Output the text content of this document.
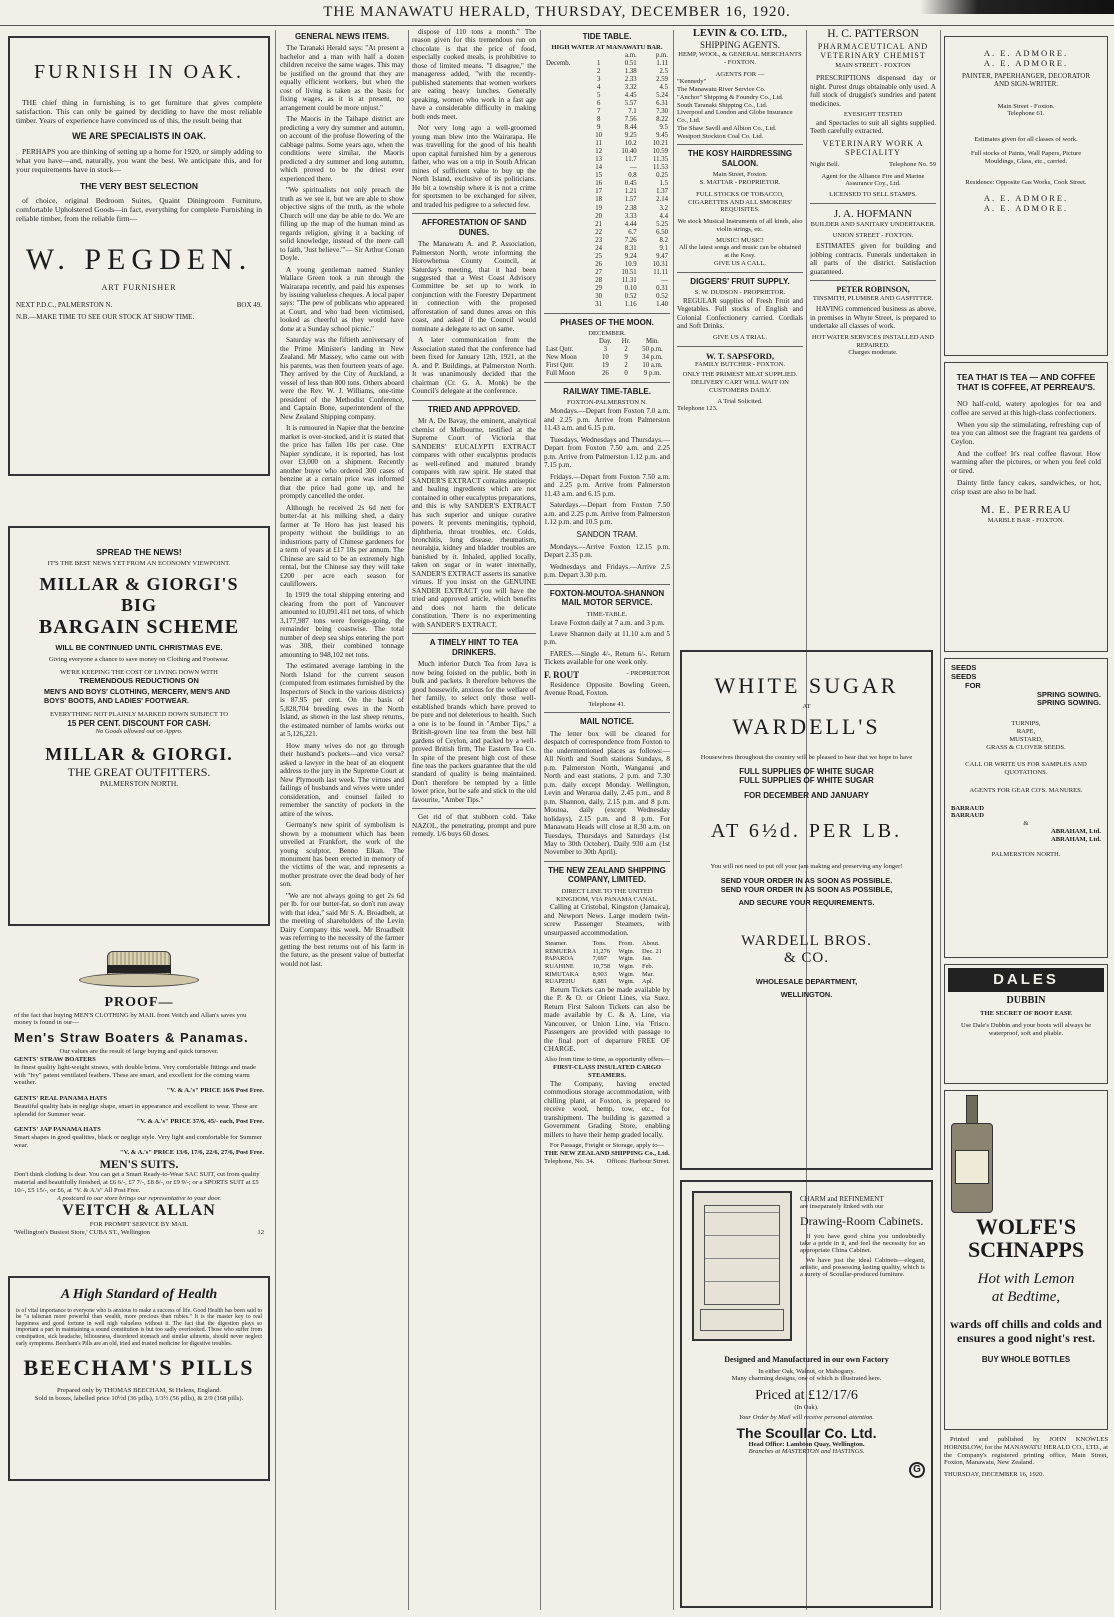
THE MANAWATU HERALD, THURSDAY, DECEMBER 16, 1920.
FURNISH IN OAK.

THE chief thing in furnishing is to get furniture that gives complete satisfaction. This can only be gained by deciding to have the most reliable timber. Years of experience have convinced us of this, the result being that

WE ARE SPECIALISTS IN OAK.

PERHAPS you are thinking of setting up a home for 1920, or simply adding to what you have—and, naturally, you want the best. We anticipate this, and for your requirements have in stock—

THE VERY BEST SELECTION

of choice, original Bedroom Suites, Quaint Diningroom Furniture, comfortable Upholstered Goods—in fact, everything for complete Furnishing in reliable timber, from the reliable firm—

W. PEGDEN.
ART FURNISHER
NEXT P.D.C., PALMERSTON N.	BOX 49.
N.B.—MAKE TIME TO SEE OUR STOCK AT SHOW TIME.
SPREAD THE NEWS!
IT'S THE BEST NEWS YET FROM AN ECONOMY VIEWPOINT.
MILLAR & GIORGI'S
BIG
BARGAIN SCHEME
WILL BE CONTINUED UNTIL CHRISTMAS EVE.
Giving everyone a chance to save money on Clothing and Footwear.
WE'RE KEEPING THE COST OF LIVING DOWN WITH
TREMENDOUS REDUCTIONS ON
MEN'S AND BOYS' CLOTHING, MERCERY, MEN'S AND BOYS' BOOTS, AND LADIES' FOOTWEAR.
EVERYTHING NOT PLAINLY MARKED DOWN SUBJECT TO
15 PER CENT. DISCOUNT FOR CASH.
No Goods allowed out on Appro.
MILLAR & GIORGI.
THE GREAT OUTFITTERS.
PALMERSTON NORTH.
PROOF—
of the fact that buying MEN'S CLOTHING by MAIL from Veitch and Allan's saves you money is found in our—
Men's Straw Boaters & Panamas.
Our values are the result of large buying and quick turnover.
GENTS' STRAW BOATERS
In finest quality light-weight straws, with double brims. Very comfortable fittings and made with "Ivy" patent ventilated feathers. These are smart, and excellent for the coming warm weather.
"V. & A.'s" PRICE 16/6 Post Free.
GENTS' REAL PANAMA HATS
Beautiful quality hats in neglige shape, smart in appearance and excellent to wear. These are splendid for Summer wear.
"V. & A.'s" PRICE 37/6, 45/- each, Post Free.
GENTS' JAP PANAMA HATS
Smart shapes in good qualities, black or neglige style. Very light and comfortable for Summer wear.
"V. & A.'s" PRICE 13/6, 17/6, 22/6, 27/6, Post Free.
MEN'S SUITS.
Don't think clothing is dear. You can get a Smart Ready-to-Wear SAC SUIT, cut from quality material and beautifully finished, at £6 6/-, £7 7/-, £8 8/-, or £9 9/-; or a SPORTS SUIT at £5 10/-, £5 15/-, or £6, at "V. & A.'s" All Post Free.
A postcard to our store brings our representative to your door.
VEITCH & ALLAN
FOR PROMPT SERVICE BY MAIL
'Wellington's Busiest Store,' CUBA ST., Wellington	12
A High Standard of Health
is of vital importance to everyone who is anxious to make a success of life. Good Health has been said to be "a talisman more powerful than wealth, more precious than rubies." It is the master key to real happiness and good fortune in well nigh valueless without it. The fact that the digestion plays so important a part in maintaining a sound constitution is but too sadly overlooked. Those who suffer from constipation, sick headache, biliousness, disordered stomach and similar ailments, should never neglect early symptoms. Beecham's Pills are an old, tried and trusted medicine for digestive troubles.
BEECHAM'S PILLS
Prepared only by THOMAS BEECHAM, St Helens, England.
Sold in boxes, labelled price 10½d (36 pills), 1/3½ (56 pills), & 2/9 (168 pills).
GENERAL NEWS ITEMS.

The Taranaki Herald says: "At present a bachelor and a man with half a dozen children receive the same wages. This may be justified on the ground that they are equally efficient workers, but when the cost of living is taken as the basis for fixing wages, as it is at present, no arrangement could be more unjust."

The Maoris in the Taihape district are predicting a very dry summer and autumn, on account of the profuse flowering of the cabbage palms. Some years ago, when the conditions were similar, the Maoris predicted a dry summer and long autumn, which proved to be the driest ever experienced there.

"We spiritualists not only preach the truth as we see it, but we are able to show objective signs of the truth, as the whole Church will one day be able to do. We are filling up the map of the human mind as regards religion, giving it a backing of solid knowledge, instead of the mere call to faith, 'Just believe.'"— Sir Arthur Conan Doyle.

A young gentleman named Stanley Wallace Green took a run through the Wairarapa recently, and paid his expenses by issuing valueless cheques. A local paper says: "The pew of publicans who appeared at Court, and who had been victimised, looked as cheerful as they would have done at a Sunday school picnic."

Saturday was the fiftieth anniversary of the Prime Minister's landing in New Zealand. Mr Massey, who came out with his parents, was then fourteen years of age. They arrived by the City of Auckland, a vessel of less than 800 tons. Others aboard were the Rev. W. J. Williams, one-time president of the Methodist Conference, and Captain Bone, superintendent of the New Zealand Shipping company.

It is rumoured in Napier that the benzine market is over-stocked, and it is stated that the price has fallen 10s per case. One Napier syndicate, it is reported, has lost over £3,000 on a shipment. Recently another buyer who ordered 300 cases of benzine at a certain price was informed that the price had gone up, and he promptly cancelled the order.

Although he received 2s 6d nett for butter-fat at his milking shed, a dairy farmer at Te Horo has just leased his property without the buildings to an industrious party of Chinese gardeners for a term of years at £17 10s per annum. The Chinese are said to be an extremely high rental, but the Chinese say they will take £200 per acre each season for cauliflowers.

In 1919 the total shipping entering and clearing from the port of Vancouver amounted to 10,091,411 net tons, of which 3,177,987 tons were foreign-going, the remainder being coastwise. The total number of deep sea ships entering the port was 308, their combined tonnage amounting to 948,102 net tons.

The estimated average lambing in the North Island for the current season (computed from estimates furnished by the Inspectors of Stock in the various districts) is 87.95 per cent. On the basis of 5,828,704 breeding ewes in the North Island, as shown in the last sheep returns, the estimated number of lambs works out at 5,126,221.

How many wives do not go through their husband's pockets—and vice versa? asked a lawyer in the heat of an eloquent address to the jury in the Supreme Court at New Plymouth last week. The virtues and failings of husbands and wives were under consideration, and counsel failed to remember the sanctity of pockets in the attire of the wives.

Germany's new spirit of symbolism is shown by a monument which has been unveiled at Frankfort, the work of the young sculptor, Benno Elkan. The monument has been erected in memory of the victims of the war, and represents a mother prostrate over the dead body of her son.

"We are not always going to get 2s 6d per lb. for our butter-fat, so don't run away with that idea," said Mr S. A. Broadbelt, at the meeting of shareholders of the Levin Dairy Company this week. Mr Broadbelt was referring to the necessity of the farmer getting the best returns out of his farm in the future, as the present value of butterfat would not last.

dispose of 110 tons a month." The reason given for this tremendous run on chocolate is that the price of food, especially cooked meals, is prohibitive to those of limited means. "I disagree," the manageress added, "with the recently-published statements that women workers are eating heavy lunches. Generally speaking, women who work in a fast age have a considerable difficulty in making both ends meet.

Not very long ago a well-groomed young man blew into the Wairarapa. He was travelling for the good of his health upon capital furnished him by a generous father, who was on a trip in South African mines of sufficient value to buy up the North Island, exclusive of its politicians. He bit a township where it is not a crime for sportsmen to be exchanged for silver, and traded his pedigree to a selected few.

AFFORESTATION OF SAND DUNES.

The Manawatu A. and P. Association, Palmerston North, wrote informing the Horowhenua County Council, at Saturday's meeting, that it had been suggested that a West Coast Advisory Committee be set up to work in conjunction with the Forestry Department in connection with the proposed afforestation of sand dunes areas on this coast, and asked if the Council would nominate a delegate to act on same.

A later communication from the Association stated that the conference had been fixed for January 12th, 1921, at the A. and P. Buildings, at Palmerston North. It was unanimously decided that the chairman (Cr. G. A. Monk) be the Council's delegate at the conference.

TRIED AND APPROVED.

Mr A. De Bavay, the eminent, analytical chemist of Melbourne, testified at the Supreme Court of Victoria that SANDERS' EUCALYPTI EXTRACT compares with other eucalyptus products as well-refined and matured brandy compares with raw spirit. He stated that SANDER'S EXTRACT contains antiseptic and healing ingredients which are not contained in other eucalyptus preparations, and this is why SANDER'S EXTRACT has such superior and unique curative powers. It prevents meningitis, typhoid, diphtheria, throat troubles, etc. Colds, bronchitis, lung disease, rheumatism, neuralgia, kidney and bladder troubles are banished by it. Inhaled, applied locally, taken on sugar or in water internally, SANDER'S EXTRACT asserts its sanative virtues. If you insist on the GENUINE SANDER EXTRACT you will have the tried and approved article, which benefits and does not harm the delicate constitution. There is no experimenting with SANDER'S EXTRACT.

A TIMELY HINT TO TEA DRINKERS.

Much inferior Dutch Tea from Java is now being foisted on the public, both in bulk and packets. It therefore behoves the good housewife, anxious for the welfare of her family, to select only those well-established brands which have proved to be pure and not deleterious to health. Such a one is to be found in "Amber Tips," a British-grown line tea from the best hill gardens of Ceylon, and packed by a well-proved British firm, The Eastern Tea Co. In spite of the present high cost of these fine teas the packers guarantee that the old standard of quality is being maintained. Don't therefore be tempted by a little lower price, but be safe and stick to the old favourite, "Amber Tips."

Get rid of that stubborn cold. Take NAZOL, the penetrating, prompt and pure remedy. 1/6 buys 60 doses.

TIDE TABLE.
HIGH WATER AT MANAWATU BAR.
		a.m.	p.m.
Decemb.	1	0.51	1.11
	2	1.38	2.5
	3	2.33	2.59
	4	3.32	4.5
	5	4.45	5.24
	6	5.57	6.31
	7	7.1	7.30
	8	7.56	8.22
	9	8.44	9.5
	10	9.25	9.45
	11	10.2	10.21
	12	10.40	10.59
	13	11.7	11.35
	14	—	11.53
	15	0.8	0.25
	16	0.45	1.5
	17	1.21	1.37
	18	1.57	2.14
	19	2.38	3.2
	20	3.33	4.4
	21	4.44	5.25
	22	6.7	6.50
	23	7.26	8.2
	24	8.31	9.1
	25	9.24	9.47
	26	10.9	10.31
	27	10.51	11.11
	28	11.31	—
	29	0.10	0.31
	30	0.52	0.52
	31	1.16	1.40
PHASES OF THE MOON.
DECEMBER.
	Day.	Hr.	Min.
Last Qutr.	3	2	50 p.m.
New Moon	10	9	34 p.m.
First Qutr.	19	2	10 a.m.
Full Moon	26	0	9 p.m.
RAILWAY TIME-TABLE.
FOXTON-PALMERSTON N.

Mondays.—Depart from Foxton 7.0 a.m. and 2.25 p.m. Arrive from Palmerston 11.43 a.m. and 6.15 p.m.

Tuesdays, Wednesdays and Thursdays.—Depart from Foxton 7.50 a.m. and 2.25 p.m. Arrive from Palmerston 1.12 p.m. and 7.15 p.m.

Fridays.—Depart from Foxton 7.50 a.m. and 2.25 p.m. Arrive from Palmerston 11.43 a.m. and 6.15 p.m.

Saturdays.—Depart from Foxton 7.50 a.m. and 2.25 p.m. Arrive from Palmerston 1.12 p.m. and 10.5 p.m.

SANDON TRAM.

Mondays.—Arrive Foxton 12.15 p.m. Depart 2.35 p.m.

Wednesdays and Fridays.—Arrive 2.5 p.m. Depart 3.30 p.m.

FOXTON-MOUTOA-SHANNON MAIL MOTOR SERVICE.
TIME-TABLE.

Leave Foxton daily at 7 a.m. and 3 p.m.

Leave Shannon daily at 11.10 a.m and 5 p.m.

FARES.—Single 4/-, Return 6/-. Return Tickets available for one week only.

F. ROUT	- PROPRIETOR

Residence Opposite Bowling Green, Avenue Road, Foxton.

Telephone 41.
MAIL NOTICE.

The letter box will be cleared for despatch of correspondence from Foxton to the undermentioned places as follows:— All North and South stations Sundays, 8 p.m. Palmerston North, Wanganui and North and east stations, 2 p.m. and 7.30 p.m. daily except Monday. Wellington, Levin and Weraroa daily, 2.45 p.m., and 8 p.m. Shannon, daily, 2.15 p.m. and 8 p.m. Moutoa, daily (except Wednesday holidays), 2.15 p.m. and 8 p.m. For Manawatu Heads will close at 8.30 a.m. on Tuesdays, Thursdays and Saturdays (1st May to 30th October). Daily 930 a.m (1st November to 30th April).

THE NEW ZEALAND SHIPPING COMPANY, LIMITED.
DIRECT LINE TO THE UNITED KINGDOM, VIA PANAMA CANAL.

Calling at Cristobal, Kingston (Jamaica), and Newport News. Large modern twin-screw Passenger Steamers, with unsurpassed accommodation.

Steamer.	Tons.	From.	About.
REMUERA	11,276	Wgtn.	Dec. 21
PAPAROA	7,697	Wgtn.	Jan.
RUAHINE	10,758	Wgtn.	Feb.
RIMUTAKA	8,903	Wgtn.	Mar.
RUAPEHU	8,881	Wgtn.	Apl.

Return Tickets can be made available by the P. & O. or Orient Lines, via Suez. Return First Saloon Tickets can also be made available by C. & A. Line, via Vancouver, or Union Line, via 'Frisco. Passengers are provided with passage to the final port of departure FREE OF CHARGE.

Also from time to time, as opportunity offers—
FIRST-CLASS INSULATED CARGO STEAMERS.

The Company, having erected commodious storage accommodation, with chilling plant, at Foxton, is prepared to receive wool, hemp, tow, etc., for transhipment. The building is gazetted a Government Grading Store, enabling millers to have their hemp graded locally.

For Passage, Freight or Storage, apply to—
THE NEW ZEALAND SHIPPING Co., Ltd.
Telephone, No. 34. Offices: Harbour Street.
LEVIN & CO. LTD.,
SHIPPING AGENTS.
HEMP, WOOL, & GENERAL MERCHANTS - FOXTON.
AGENTS FOR —
"Kennedy"
The Manawatu River Service Co.
"Anchor" Shipping & Foundry Co., Ltd.
South Taranaki Shipping Co., Ltd.
Liverpool and London and Globe Insurance Co., Ltd.
The Shaw Savill and Albion Co., Ltd.
Westport Stockton Coal Co. Ltd.
THE KOSY HAIRDRESSING SALOON.
Main Street, Foxton.
S. MATTAR - PROPRIETOR.
FULL STOCKS OF TOBACCO, CIGARETTES AND ALL SMOKERS' REQUISITES.
We stock Musical Instruments of all kinds, also violin strings, etc.
MUSIC! MUSIC!
All the latest songs and music can be obtained at the Kosy.
GIVE US A CALL.
DIGGERS' FRUIT SUPPLY.
S. W. DUDSON - PROPRIETOR.

REGULAR supplies of Fresh Fruit and Vegetables. Full stocks of English and Colonial Confectionery carried. Cordials and Soft Drinks.

GIVE US A TRIAL.
W. T. SAPSFORD,
FAMILY BUTCHER - FOXTON.
ONLY THE PRIMEST MEAT SUPPLIED. DELIVERY CART WILL WAIT ON CUSTOMERS DAILY.
A Trial Solicited.
Telephone 123.
H. C. PATTERSON
PHARMACEUTICAL AND VETERINARY CHEMIST
MAIN STREET - FOXTON

PRESCRIPTIONS dispensed day or night. Purest drugs obtainable only used. A full stock of druggist's sundries and patent medicines.

EYESIGHT TESTED

and Spectacles to suit all sights supplied. Teeth carefully extracted.

VETERINARY WORK A SPECIALITY
Night Bell.	Telephone No. 59
Agent for the Alliance Fire and Marine Assurance Coy., Ltd.
LICENSED TO SELL STAMPS.
J. A. HOFMANN
BUILDER AND SANITARY UNDERTAKER.
UNION STREET - FOXTON.

ESTIMATES given for building and jobbing contracts. Funerals undertaken in all parts of the district. Satisfaction guaranteed.

PETER ROBINSON,
TINSMITH, PLUMBER AND GASFITTER.

HAVING commenced business as above, in premises in Whyte Street, is prepared to undertake all classes of work.

HOT WATER SERVICES INSTALLED AND REPAIRED.
Charges moderate.
WHITE SUGAR
AT
WARDELL'S
Housewives throughout the country will be pleased to hear that we hope to have
FULL SUPPLIES OF WHITE SUGAR
FULL SUPPLIES OF WHITE SUGAR
FOR DECEMBER AND JANUARY
AT 6½d. PER LB.
You will not need to put off your jam making and preserving any longer!
SEND YOUR ORDER IN AS SOON AS POSSIBLE.
SEND YOUR ORDER IN AS SOON AS POSSIBLE,
AND SECURE YOUR REQUIREMENTS.
WARDELL BROS.
& CO.
WHOLESALE DEPARTMENT,
WELLINGTON.
CHARM and REFINEMENT
are inseparately linked with our
Drawing-Room Cabinets.

If you have good china you undoubtedly take a pride in it, and feel the necessity for an appropriate China Cabinet.

We have just the ideal Cabinets—elegant, artistic, and possessing lasting quality, which is a surety of Scoullar-produced furniture.

Designed and Manufactured in our own Factory
In either Oak, Walnut, or Mahogany.
Many charming designs, one of which is illustrated here.
Priced at £12/17/6
(In Oak).
Your Order by Mail will receive personal attention.
The Scoullar Co. Ltd.
Head Office: Lambton Quay, Wellington.
Branches at MASTERTON and HASTINGS.
G
A. E. ADMORE.
A. E. ADMORE.
PAINTER, PAPERHANGER, DECORATOR AND SIGN-WRITER.
Main Street - Foxton.
Telephone 61.
Estimates given for all classes of work.
Full stocks of Paints, Wall Papers, Picture Mouldings, Glass, etc., carried.
Residence: Opposite Gas Works, Cook Street.
A. E. ADMORE.
A. E. ADMORE.
TEA THAT IS TEA — AND COFFEE THAT IS COFFEE, AT PERREAU'S.

NO half-cold, watery apologies for tea and coffee are served at this high-class confectioners.

When you sip the stimulating, refreshing cup of tea you can almost see the fragrant tea gardens of Ceylon.

And the coffee! It's real coffee flavour. How warming after the pictures, or when you feel cold or tired.

Dainty little fancy cakes, sandwiches, or hot, crisp toast are also to be had.

M. E. PERREAU
MARBLE BAR - FOXTON.
SEEDS
SEEDS
FOR
SPRING SOWING.
SPRING SOWING.
TURNIPS,
RAPE,
MUSTARD,
GRASS & CLOVER SEEDS.
CALL OR WRITE US FOR SAMPLES AND QUOTATIONS.
AGENTS FOR GEAR CO'S. MANURES.
BARRAUD
BARRAUD
&
ABRAHAM, Ltd.
ABRAHAM, Ltd.
PALMERSTON NORTH.
DALES
DUBBIN
THE SECRET OF BOOT EASE
Use Dale's Dubbin and your boots will always be waterproof, soft and pliable.
WOLFE'S
SCHNAPPS
Hot with Lemon
at Bedtime,
wards off chills and colds and ensures a good night's rest.
BUY WHOLE BOTTLES

Printed and published by JOHN KNOWLES HORNBLOW, for the MANAWATU HERALD CO., LTD., at the Company's registered printing office, Main Street, Foxton, Manawatu, New Zealand.

THURSDAY, DECEMBER 16, 1920.
